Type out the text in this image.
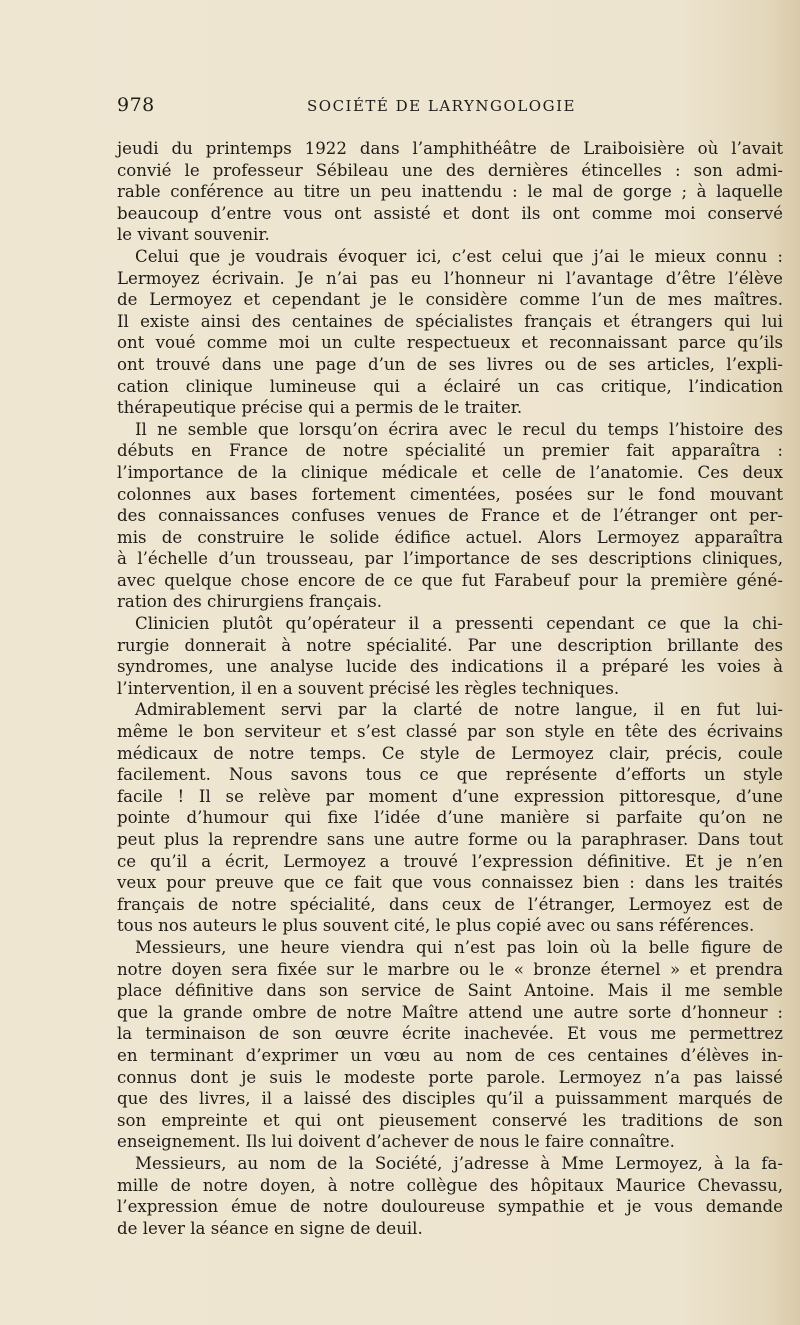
978	SOCIÉTÉ DE LARYNGOLOGIE
jeudi du printemps 1922 dans l’amphithéâtre de Lraiboisière où l’avait
convié le professeur Sébileau une des dernières étincelles : son admi-
rable conférence au titre un peu inattendu : le mal de gorge ; à laquelle
beaucoup d’entre vous ont assisté et dont ils ont comme moi conservé
le vivant souvenir.
Celui que je voudrais évoquer ici, c’est celui que j’ai le mieux connu :
Lermoyez écrivain. Je n’ai pas eu l’honneur ni l’avantage d’être l’élève
de Lermoyez et cependant je le considère comme l’un de mes maîtres.
Il existe ainsi des centaines de spécialistes français et étrangers qui lui
ont voué comme moi un culte respectueux et reconnaissant parce qu’ils
ont trouvé dans une page d’un de ses livres ou de ses articles, l’expli-
cation clinique lumineuse qui a éclairé un cas critique, l’indication
thérapeutique précise qui a permis de le traiter.
Il ne semble que lorsqu’on écrira avec le recul du temps l’histoire des
débuts en France de notre spécialité un premier fait apparaîtra :
l’importance de la clinique médicale et celle de l’anatomie. Ces deux
colonnes aux bases fortement cimentées, posées sur le fond mouvant
des connaissances confuses venues de France et de l’étranger ont per-
mis de construire le solide édifice actuel. Alors Lermoyez apparaîtra
à l’échelle d’un trousseau, par l’importance de ses descriptions cliniques,
avec quelque chose encore de ce que fut Farabeuf pour la première géné-
ration des chirurgiens français.
Clinicien plutôt qu’opérateur il a pressenti cependant ce que la chi-
rurgie donnerait à notre spécialité. Par une description brillante des
syndromes, une analyse lucide des indications il a préparé les voies à
l’intervention, il en a souvent précisé les règles techniques.
Admirablement servi par la clarté de notre langue, il en fut lui-
même le bon serviteur et s’est classé par son style en tête des écrivains
médicaux de notre temps. Ce style de Lermoyez clair, précis, coule
facilement. Nous savons tous ce que représente d’efforts un style
facile ! Il se relève par moment d’une expression pittoresque, d’une
pointe d’humour qui fixe l’idée d’une manière si parfaite qu’on ne
peut plus la reprendre sans une autre forme ou la paraphraser. Dans tout
ce qu’il a écrit, Lermoyez a trouvé l’expression définitive. Et je n’en
veux pour preuve que ce fait que vous connaissez bien : dans les traités
français de notre spécialité, dans ceux de l’étranger, Lermoyez est de
tous nos auteurs le plus souvent cité, le plus copié avec ou sans références.
Messieurs, une heure viendra qui n’est pas loin où la belle figure de
notre doyen sera fixée sur le marbre ou le « bronze éternel » et prendra
place définitive dans son service de Saint Antoine. Mais il me semble
que la grande ombre de notre Maître attend une autre sorte d’honneur :
la terminaison de son œuvre écrite inachevée. Et vous me permettrez
en terminant d’exprimer un vœu au nom de ces centaines d’élèves in-
connus dont je suis le modeste porte parole. Lermoyez n’a pas laissé
que des livres, il a laissé des disciples qu’il a puissamment marqués de
son empreinte et qui ont pieusement conservé les traditions de son
enseignement. Ils lui doivent d’achever de nous le faire connaître.
Messieurs, au nom de la Société, j’adresse à Mme Lermoyez, à la fa-
mille de notre doyen, à notre collègue des hôpitaux Maurice Chevassu,
l’expression émue de notre douloureuse sympathie et je vous demande
de lever la séance en signe de deuil.
